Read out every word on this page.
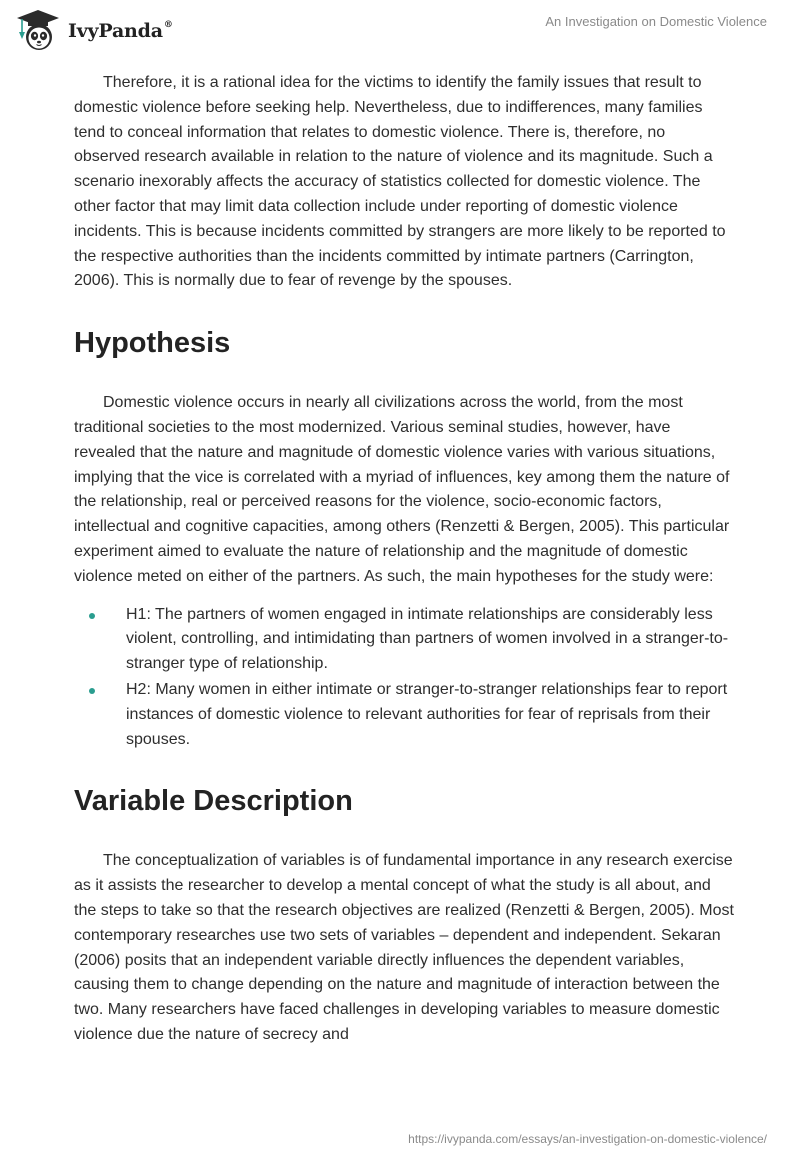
IvyPanda®	An Investigation on Domestic Violence

Therefore, it is a rational idea for the victims to identify the family issues that result to domestic violence before seeking help. Nevertheless, due to indifferences, many families tend to conceal information that relates to domestic violence. There is, therefore, no observed research available in relation to the nature of violence and its magnitude. Such a scenario inexorably affects the accuracy of statistics collected for domestic violence. The other factor that may limit data collection include under reporting of domestic violence incidents. This is because incidents committed by strangers are more likely to be reported to the respective authorities than the incidents committed by intimate partners (Carrington, 2006). This is normally due to fear of revenge by the spouses.

Hypothesis

Domestic violence occurs in nearly all civilizations across the world, from the most traditional societies to the most modernized. Various seminal studies, however, have revealed that the nature and magnitude of domestic violence varies with various situations, implying that the vice is correlated with a myriad of influences, key among them the nature of the relationship, real or perceived reasons for the violence, socio-economic factors, intellectual and cognitive capacities, among others (Renzetti & Bergen, 2005). This particular experiment aimed to evaluate the nature of relationship and the magnitude of domestic violence meted on either of the partners. As such, the main hypotheses for the study were:

H1: The partners of women engaged in intimate relationships are considerably less violent, controlling, and intimidating than partners of women involved in a stranger-to-stranger type of relationship.
H2: Many women in either intimate or stranger-to-stranger relationships fear to report instances of domestic violence to relevant authorities for fear of reprisals from their spouses.
Variable Description

The conceptualization of variables is of fundamental importance in any research exercise as it assists the researcher to develop a mental concept of what the study is all about, and the steps to take so that the research objectives are realized (Renzetti & Bergen, 2005). Most contemporary researches use two sets of variables – dependent and independent. Sekaran (2006) posits that an independent variable directly influences the dependent variables, causing them to change depending on the nature and magnitude of interaction between the two. Many researchers have faced challenges in developing variables to measure domestic violence due the nature of secrecy and

https://ivypanda.com/essays/an-investigation-on-domestic-violence/
